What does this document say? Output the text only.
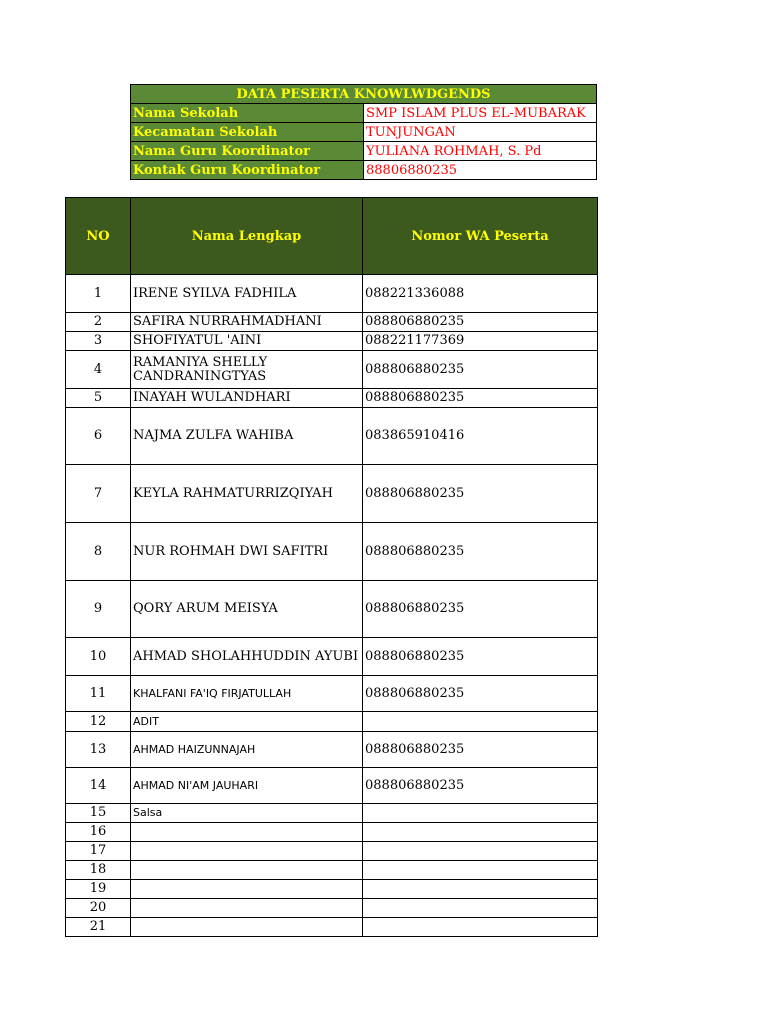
DATA PESERTA KNOWLWDGENDS	
Nama Sekolah	SMP ISLAM PLUS EL-MUBARAK
Kecamatan Sekolah	TUNJUNGAN
Nama Guru Koordinator	YULIANA ROHMAH, S. Pd
Kontak Guru Koordinator	88806880235
NO	Nama Lengkap	Nomor WA Peserta
1	IRENE SYILVA FADHILA	088221336088
2	SAFIRA NURRAHMADHANI	088806880235
3	SHOFIYATUL 'AINI	088221177369
4	RAMANIYA SHELLY CANDRANINGTYAS	088806880235
5	INAYAH WULANDHARI	088806880235
6	NAJMA ZULFA WAHIBA	083865910416
7	KEYLA RAHMATURRIZQIYAH	088806880235
8	NUR ROHMAH DWI SAFITRI	088806880235
9	QORY ARUM MEISYA	088806880235
10	AHMAD SHOLAHHUDDIN AYUBI	088806880235
11	KHALFANI FA'IQ FIRJATULLAH	088806880235
12	ADIT	
13	AHMAD HAIZUNNAJAH	088806880235
14	AHMAD NI'AM JAUHARI	088806880235
15	Salsa	
16		
17		
18		
19		
20		
21		
